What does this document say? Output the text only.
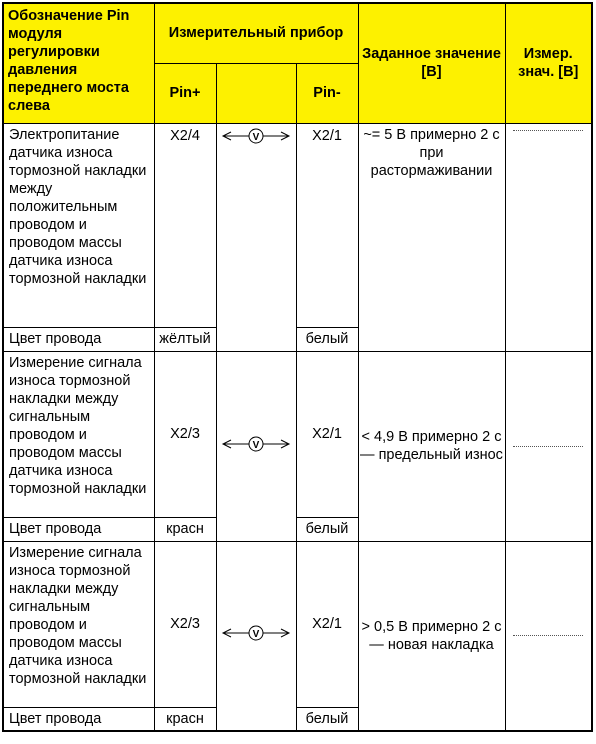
Обозначение Pin модуля регулировки давления переднего моста слева	Измерительный прибор			Заданное значение [В]	Измер. знач. [В]
	Pin+		Pin-		
Электропитание датчика износа тормозной накладки между положительным проводом и проводом массы датчика износа тормозной накладки	X2/4	V	X2/1	~= 5 В примерно 2 с при растормаживании	

Цвет провода	жёлтый		белый		
Измерение сигнала износа тормозной накладки между сигнальным проводом и проводом массы датчика износа тормозной накладки	X2/3	V	X2/1	< 4,9 В примерно 2 с — предельный износ	

Цвет провода	красн		белый		
Измерение сигнала износа тормозной накладки между сигнальным проводом и проводом массы датчика износа тормозной накладки	X2/3	V	X2/1	> 0,5 В примерно 2 с — новая накладка	

Цвет провода	красн		белый		
